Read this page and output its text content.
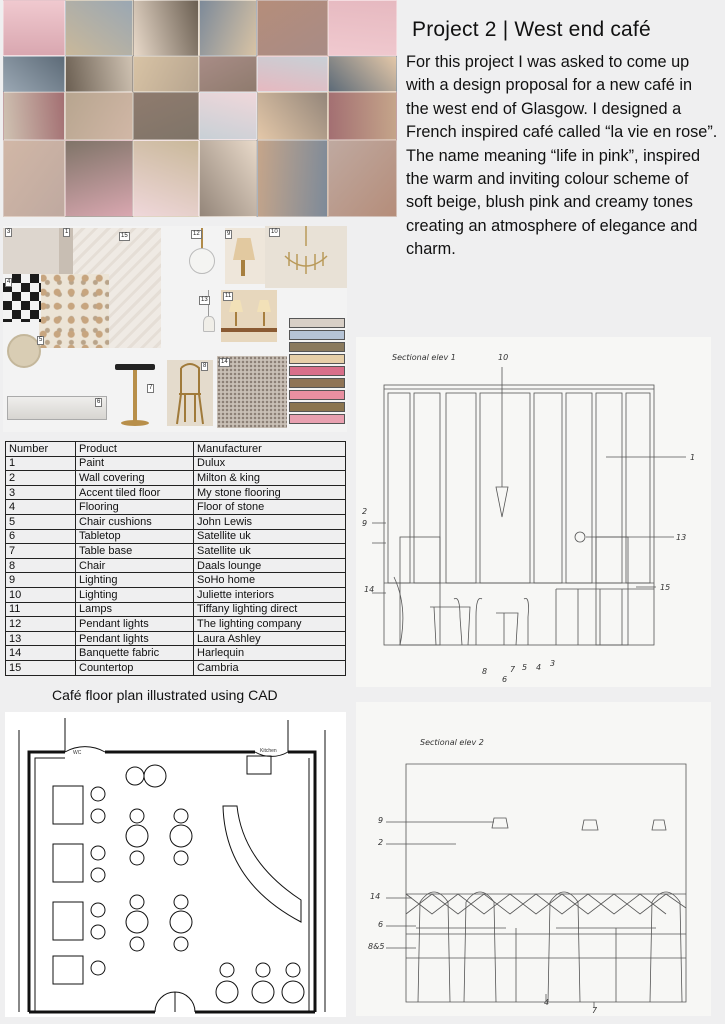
Project 2 | West end café
For this project I was asked to come up with a design proposal for a new café in the west end of Glasgow. I designed a French inspired café called “la vie en rose”. The name meaning “life in pink”, inspired the warm and inviting colour scheme of soft beige, blush pink and creamy tones creating an atmosphere of elegance and charm.
3	1
15	12	9	10
4
13
11
5
7
8
14
6
Number	Product	Manufacturer
1	Paint	Dulux
2	Wall covering	Milton & king
3	Accent tiled floor	My stone flooring
4	Flooring	Floor of stone
5	Chair cushions	John Lewis
6	Tabletop	Satellite uk
7	Table base	Satellite uk
8	Chair	Daals lounge
9	Lighting	SoHo home
10	Lighting	Juliette interiors
11	Lamps	Tiffany lighting direct
12	Pendant lights	The lighting company
13	Pendant lights	Laura Ashley
14	Banquette fabric	Harlequin
15	Countertop	Cambria
Café floor plan illustrated using CAD
WC	Kitchen
Sectional elev 1	10
1
2
9
13
14	15
8	7
6
5 4 3
Sectional elev 2
9
2
14
6
8&5
4
7
